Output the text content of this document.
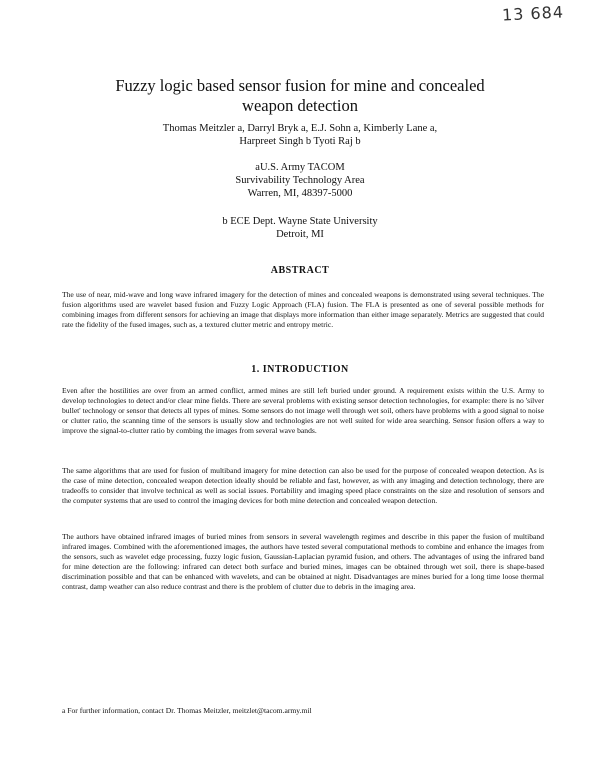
13 684
Fuzzy logic based sensor fusion for mine and concealed weapon detection
Thomas Meitzler a, Darryl Bryk a, E.J. Sohn a, Kimberly Lane a,
Harpreet Singh b Tyoti Raj b
aU.S. Army TACOM
Survivability Technology Area
Warren, MI, 48397-5000
b ECE Dept. Wayne State University
Detroit, MI
ABSTRACT

The use of near, mid-wave and long wave infrared imagery for the detection of mines and concealed weapons is demonstrated using several techniques. The fusion algorithms used are wavelet based fusion and Fuzzy Logic Approach (FLA) fusion. The FLA is presented as one of several possible methods for combining images from different sensors for achieving an image that displays more information than either image separately. Metrics are suggested that could rate the fidelity of the fused images, such as, a textured clutter metric and entropy metric.

1. INTRODUCTION

Even after the hostilities are over from an armed conflict, armed mines are still left buried under ground. A requirement exists within the U.S. Army to develop technologies to detect and/or clear mine fields. There are several problems with existing sensor detection technologies, for example: there is no 'silver bullet' technology or sensor that detects all types of mines. Some sensors do not image well through wet soil, others have problems with a good signal to noise or clutter ratio, the scanning time of the sensors is usually slow and technologies are not well suited for wide area searching. Sensor fusion offers a way to improve the signal-to-clutter ratio by combing the images from several wave bands.

The same algorithms that are used for fusion of multiband imagery for mine detection can also be used for the purpose of concealed weapon detection. As is the case of mine detection, concealed weapon detection ideally should be reliable and fast, however, as with any imaging and detection technology, there are tradeoffs to consider that involve technical as well as social issues. Portability and imaging speed place constraints on the size and resolution of sensors and the computer systems that are used to control the imaging devices for both mine detection and concealed weapon detection.

The authors have obtained infrared images of buried mines from sensors in several wavelength regimes and describe in this paper the fusion of multiband infrared images. Combined with the aforementioned images, the authors have tested several computational methods to combine and enhance the images from the sensors, such as wavelet edge processing, fuzzy logic fusion, Gaussian-Laplacian pyramid fusion, and others. The advantages of using the infrared band for mine detection are the following: infrared can detect both surface and buried mines, images can be obtained through wet soil, there is shape-based discrimination possible and that can be enhanced with wavelets, and can be obtained at night. Disadvantages are mines buried for a long time loose thermal contrast, damp weather can also reduce contrast and there is the problem of clutter due to debris in the imaging area.

a For further information, contact Dr. Thomas Meitzler, meitzlet@tacom.army.mil
